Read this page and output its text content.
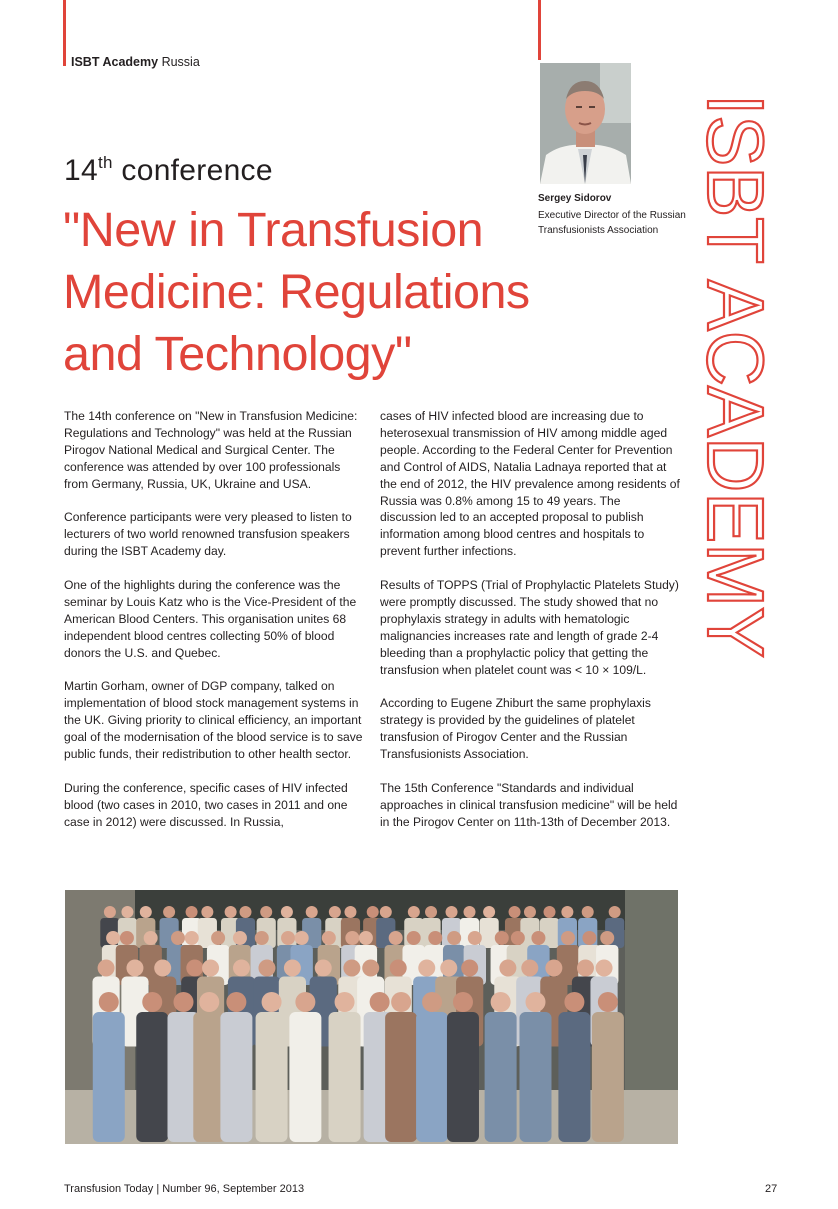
ISBT Academy Russia
Sergey Sidorov
Executive Director of the Russian Transfusionists Association ISBT ACADEMY
14th conference
"New in Transfusion Medicine: Regulations and Technology"

The 14th conference on "New in Transfusion Medicine: Regulations and Technology" was held at the Russian Pirogov National Medical and Surgical Center. The conference was attended by over 100 professionals from Germany, Russia, UK, Ukraine and USA.

Conference participants were very pleased to listen to lecturers of two world renowned transfusion speakers during the ISBT Academy day.

One of the highlights during the conference was the seminar by Louis Katz who is the Vice-President of the American Blood Centers. This organisation unites 68 independent blood centres collecting 50% of blood donors the U.S. and Quebec.

Martin Gorham, owner of DGP company, talked on implementation of blood stock management systems in the UK. Giving priority to clinical efficiency, an important goal of the modernisation of the blood service is to save public funds, their redistribution to other health sector.

During the conference, specific cases of HIV infected blood (two cases in 2010, two cases in 2011 and one case in 2012) were discussed. In Russia,

cases of HIV infected blood are increasing due to heterosexual transmission of HIV among middle aged people. According to the Federal Center for Prevention and Control of AIDS, Natalia Ladnaya reported that at the end of 2012, the HIV prevalence among residents of Russia was 0.8% among 15 to 49 years. The discussion led to an accepted proposal to publish information among blood centres and hospitals to prevent further infections.

Results of TOPPS (Trial of Prophylactic Platelets Study) were promptly discussed. The study showed that no prophylaxis strategy in adults with hematologic malignancies increases rate and length of grade 2-4 bleeding than a prophylactic policy that getting the transfusion when platelet count was < 10 × 109/L.

According to Eugene Zhiburt the same prophylaxis strategy is provided by the guidelines of platelet transfusion of Pirogov Center and the Russian Transfusionists Association.

The 15th Conference "Standards and individual approaches in clinical transfusion medicine" will be held in the Pirogov Center on 11th-13th of December 2013.

Transfusion Today | Number 96, September 2013	27
